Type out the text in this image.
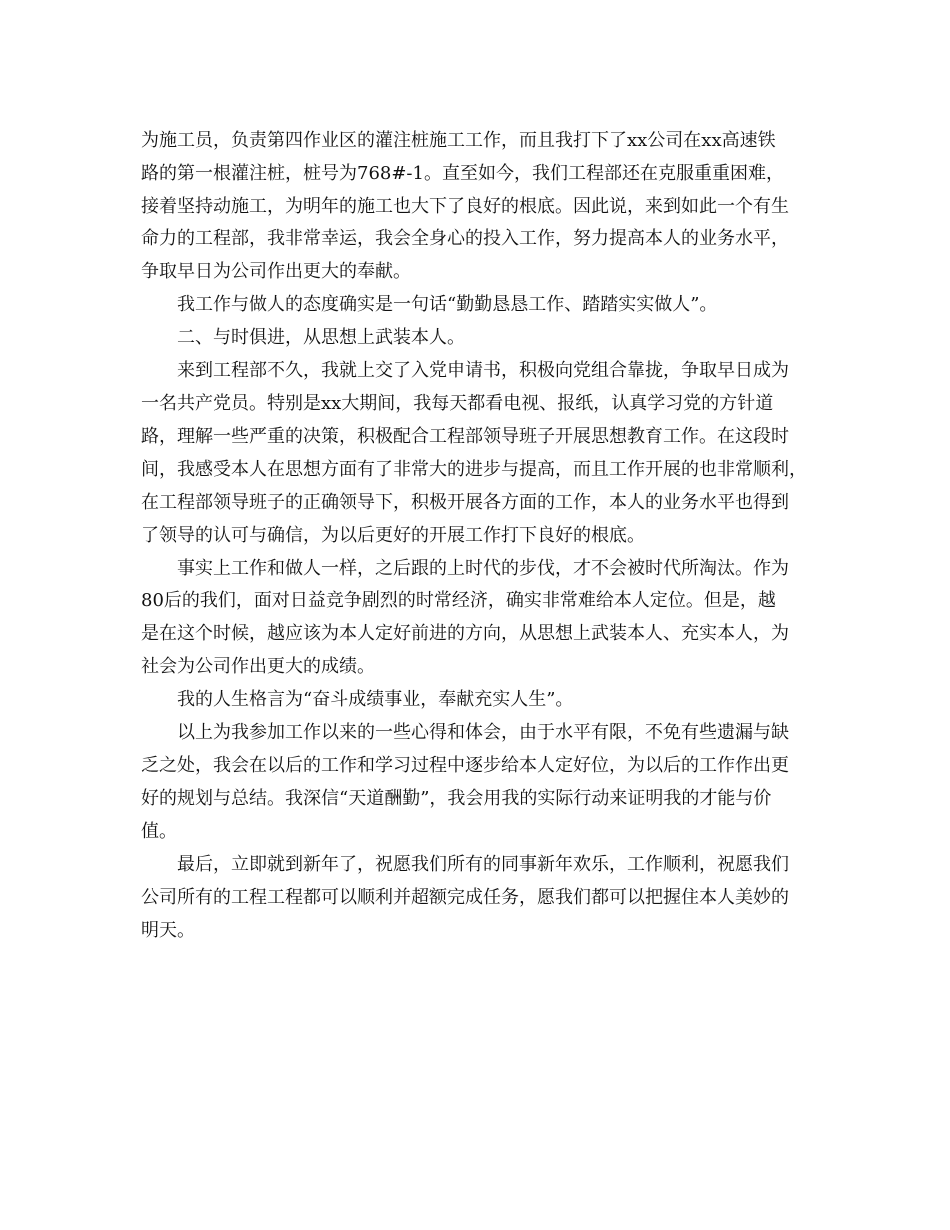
为施工员，负责第四作业区的灌注桩施工工作，而且我打下了xx公司在xx高速铁
路的第一根灌注桩，桩号为768#-1。直至如今，我们工程部还在克服重重困难，
接着坚持动施工，为明年的施工也大下了良好的根底。因此说，来到如此一个有生
命力的工程部，我非常幸运，我会全身心的投入工作，努力提高本人的业务水平，
争取早日为公司作出更大的奉献。
我工作与做人的态度确实是一句话“勤勤恳恳工作、踏踏实实做人”。
二、与时俱进，从思想上武装本人。
来到工程部不久，我就上交了入党申请书，积极向党组合靠拢，争取早日成为
一名共产党员。特别是xx大期间，我每天都看电视、报纸，认真学习党的方针道
路，理解一些严重的决策，积极配合工程部领导班子开展思想教育工作。在这段时
间，我感受本人在思想方面有了非常大的进步与提高，而且工作开展的也非常顺利，
在工程部领导班子的正确领导下，积极开展各方面的工作，本人的业务水平也得到
了领导的认可与确信，为以后更好的开展工作打下良好的根底。
事实上工作和做人一样，之后跟的上时代的步伐，才不会被时代所淘汰。作为
80后的我们，面对日益竞争剧烈的时常经济，确实非常难给本人定位。但是，越
是在这个时候，越应该为本人定好前进的方向，从思想上武装本人、充实本人，为
社会为公司作出更大的成绩。
我的人生格言为“奋斗成绩事业，奉献充实人生”。
以上为我参加工作以来的一些心得和体会，由于水平有限，不免有些遗漏与缺
乏之处，我会在以后的工作和学习过程中逐步给本人定好位，为以后的工作作出更
好的规划与总结。我深信“天道酬勤”，我会用我的实际行动来证明我的才能与价
值。
最后，立即就到新年了，祝愿我们所有的同事新年欢乐，工作顺利，祝愿我们
公司所有的工程工程都可以顺利并超额完成任务，愿我们都可以把握住本人美妙的
明天。
